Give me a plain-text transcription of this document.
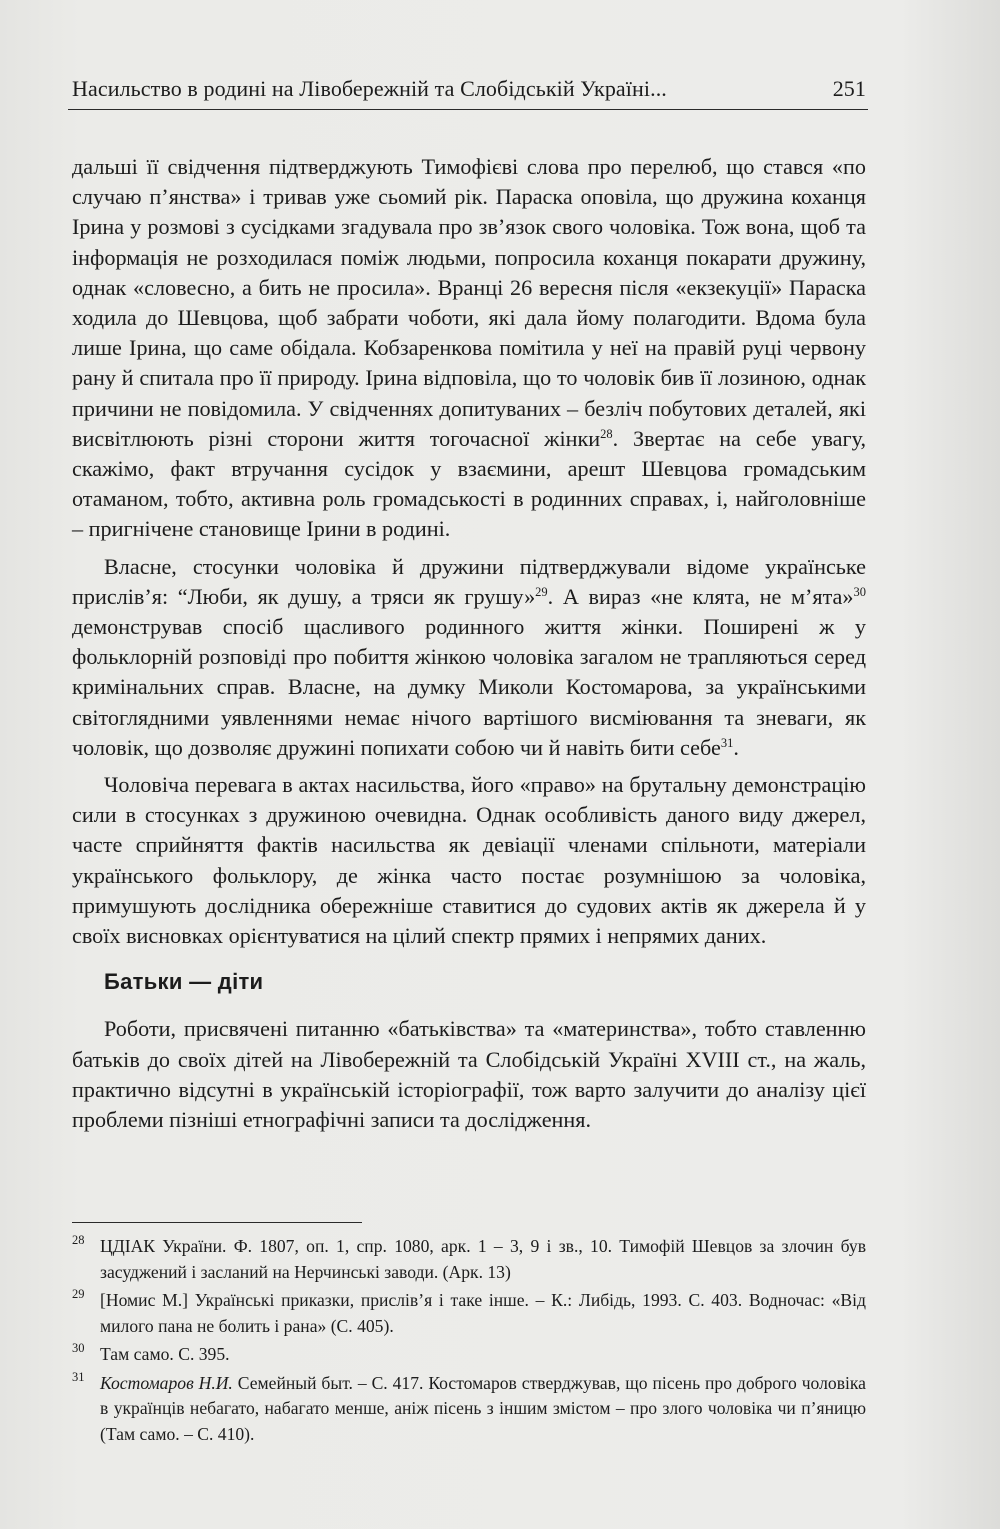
Насильство в родині на Лівобережній та Слобідській Україні...	251

дальші її свідчення підтверджують Тимофієві слова про перелюб, що стався «по случаю п’янства» і тривав уже сьомий рік. Параска оповіла, що дружина коханця Ірина у розмові з сусідками згадувала про зв’язок свого чоловіка. Тож вона, щоб та інформація не розходилася поміж людьми, попросила коханця покарати дружину, однак «словесно, а бить не просила». Вранці 26 вересня після «екзекуції» Параска ходила до Шевцова, щоб забрати чоботи, які дала йому полагодити. Вдома була лише Ірина, що саме обідала. Кобзаренкова помітила у неї на правій руці червону рану й спитала про її природу. Ірина відповіла, що то чоловік бив її лозиною, однак причини не повідомила. У свідченнях допитуваних – безліч побутових деталей, які висвітлюють різні сторони життя тогочасної жінки$^{28}$. Звертає на себе увагу, скажімо, факт втручання сусідок у взаємини, арешт Шевцова громадським отаманом, тобто, активна роль громадськості в родинних справах, і, найголовніше – пригнічене становище Ірини в родині.

Власне, стосунки чоловіка й дружини підтверджували відоме українське прислів’я: “Люби, як душу, а тряси як грушу»$^{29}$. А вираз «не клята, не м’ята»$^{30}$ демонстрував спосіб щасливого родинного життя жінки. Поширені ж у фольклорній розповіді про побиття жінкою чоловіка загалом не трапляються серед кримінальних справ. Власне, на думку Миколи Костомарова, за українськими світоглядними уявленнями немає нічого вартішого висміювання та зневаги, як чоловік, що дозволяє дружині попихати собою чи й навіть бити себе$^{31}$.

Чоловіча перевага в актах насильства, його «право» на брутальну демонстрацію сили в стосунках з дружиною очевидна. Однак особливість даного виду джерел, часте сприйняття фактів насильства як девіації членами спільноти, матеріали українського фольклору, де жінка часто постає розумнішою за чоловіка, примушують дослідника обережніше ставитися до судових актів як джерела й у своїх висновках орієнтуватися на цілий спектр прямих і непрямих даних.

Батьки — діти

Роботи, присвячені питанню «батьківства» та «материнства», тобто ставленню батьків до своїх дітей на Лівобережній та Слобідській Україні XVIII ст., на жаль, практично відсутні в українській історіографії, тож варто залучити до аналізу цієї проблеми пізніші етнографічні записи та дослідження.

28 ЦДІАК України. Ф. 1807, оп. 1, спр. 1080, арк. 1 – 3, 9 і зв., 10. Тимофій Шевцов за злочин був засуджений і засланий на Нерчинські заводи. (Арк. 13)
29 [Номис М.] Українські приказки, прислів’я і таке інше. – К.: Либідь, 1993. С. 403. Водночас: «Від милого пана не болить і рана» (С. 405).
30 Там само. С. 395.
31 Костомаров Н.И. Семейный быт. – С. 417. Костомаров стверджував, що пісень про доброго чоловіка в українців небагато, набагато менше, аніж пісень з іншим змістом – про злого чоловіка чи п’яницю (Там само. – С. 410).
